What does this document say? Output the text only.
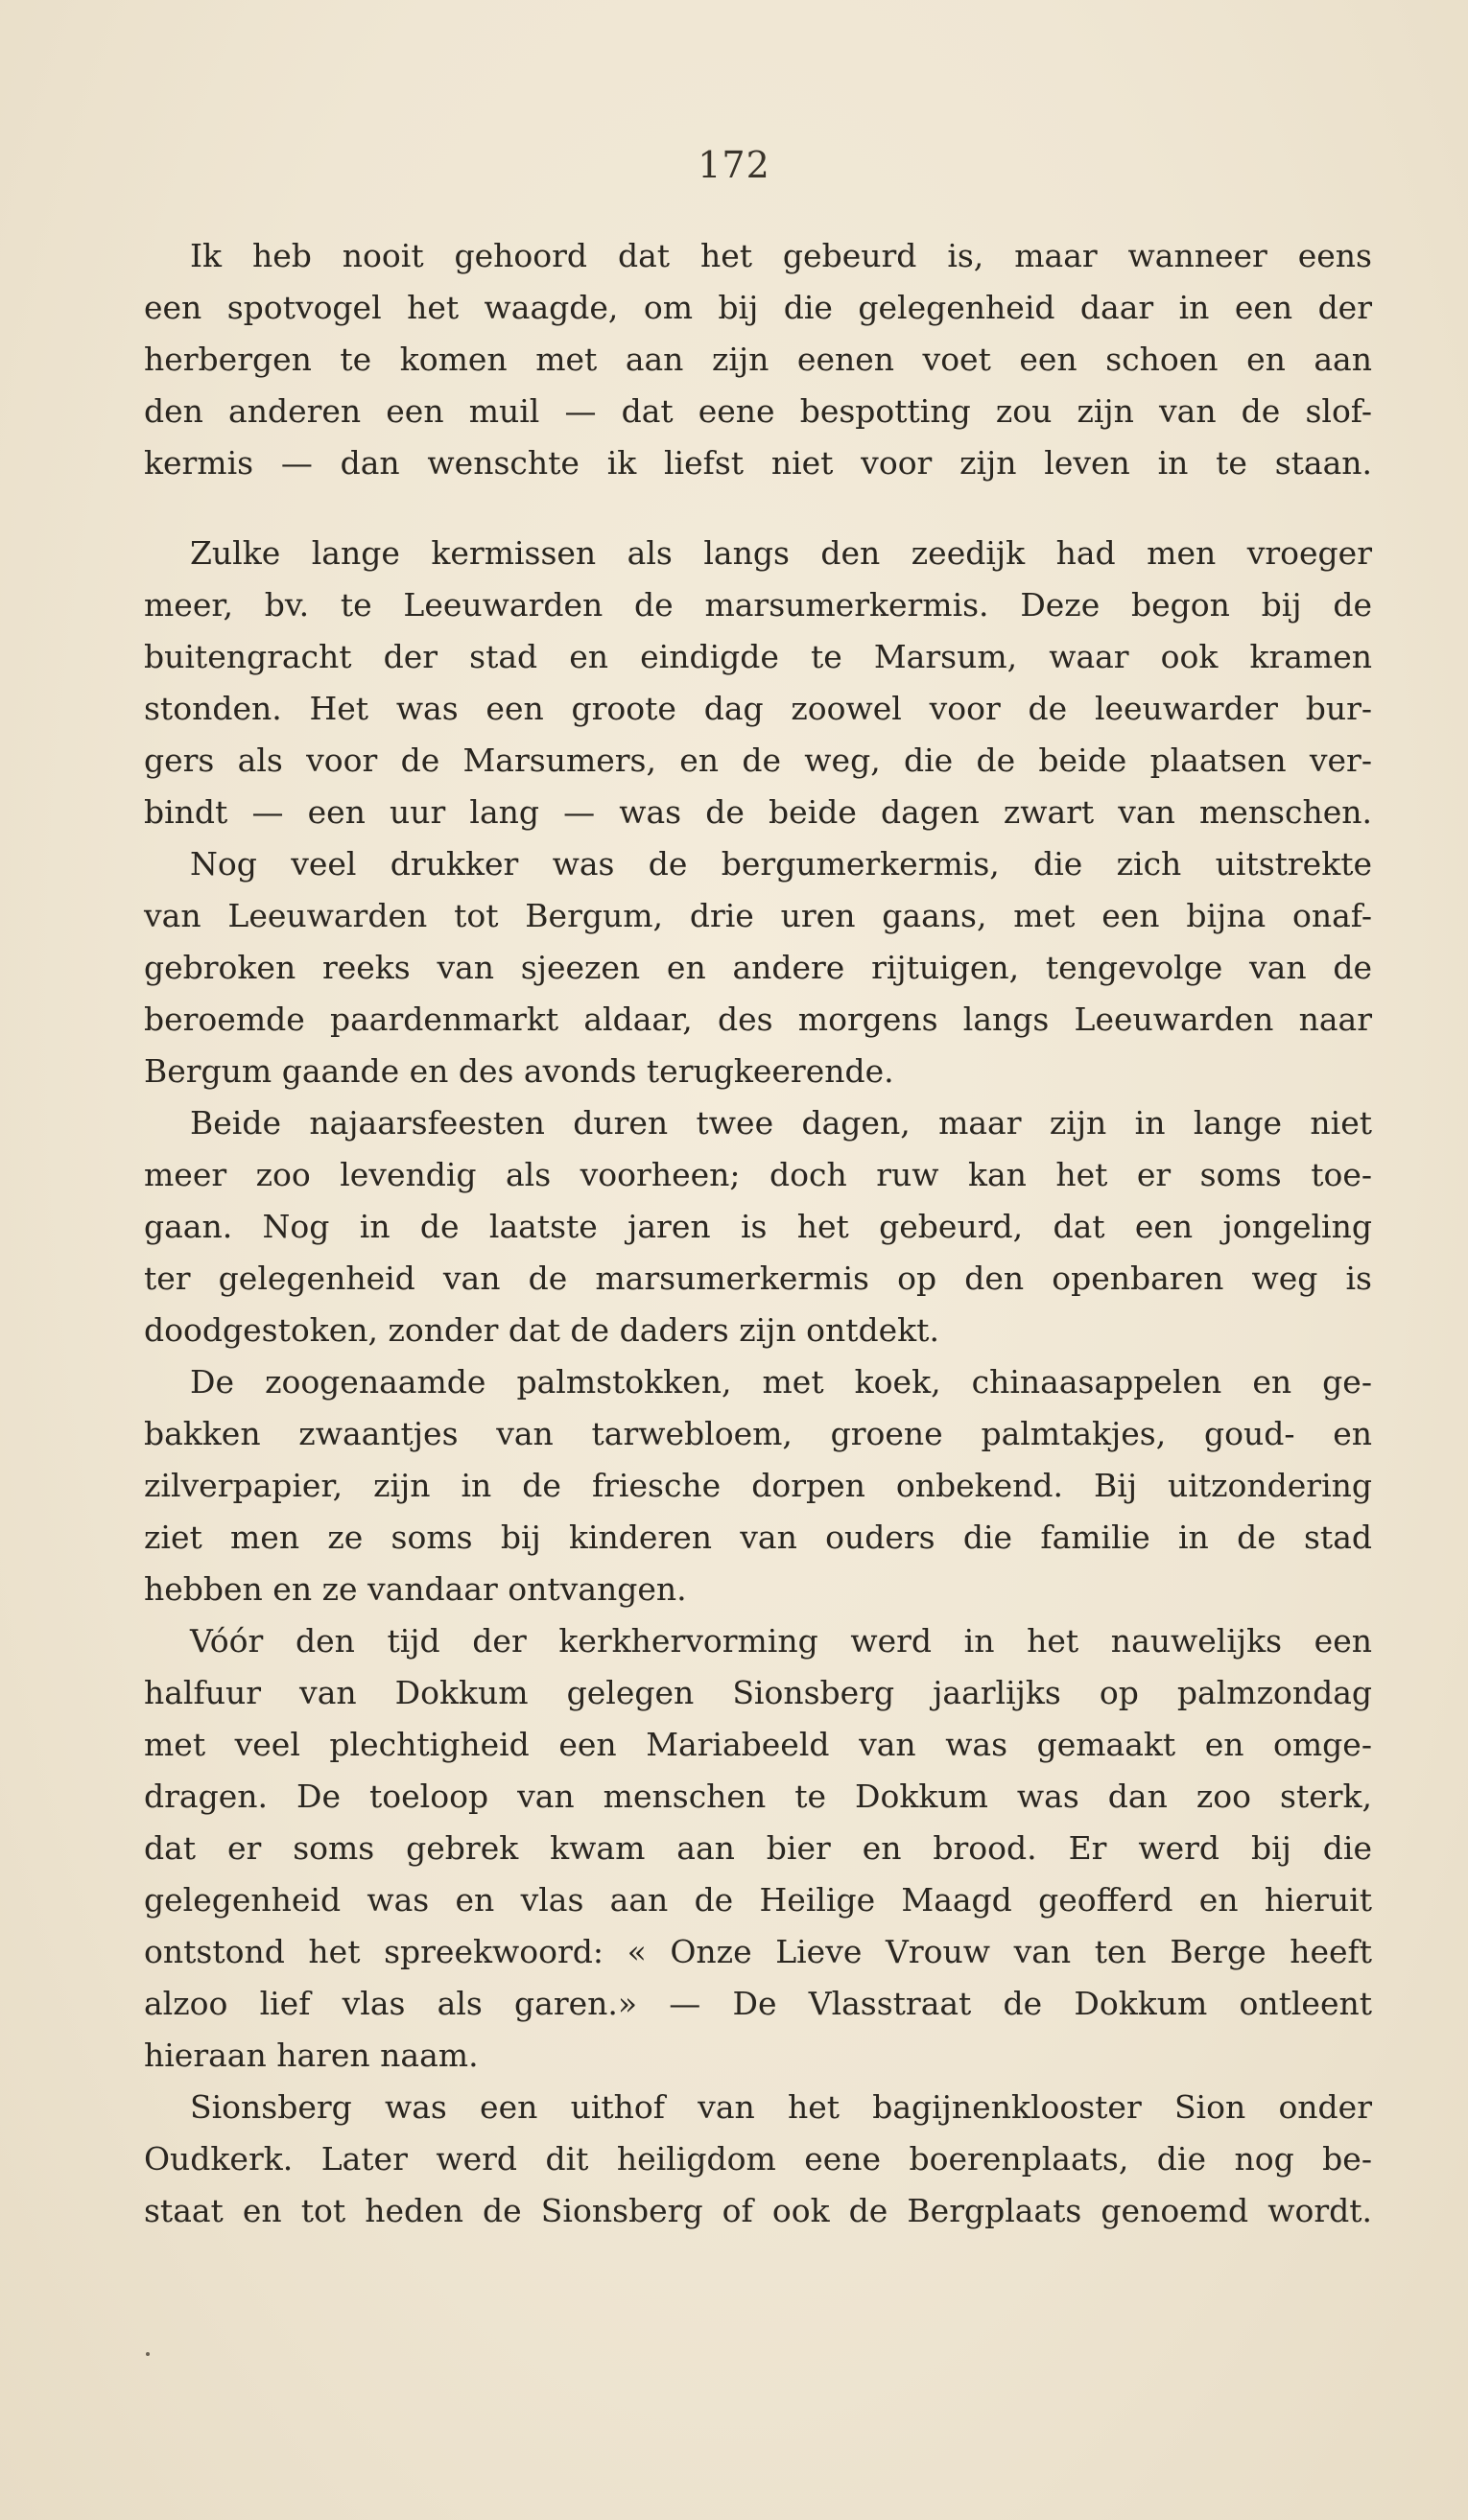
172

Ik heb nooit gehoord dat het gebeurd is, maar wanneer eens
een spotvogel het waagde, om bij die gelegenheid daar in een der
herbergen te komen met aan zijn eenen voet een schoen en aan
den anderen een muil — dat eene bespotting zou zijn van de slof-
kermis — dan wenschte ik liefst niet voor zijn leven in te staan.

Zulke lange kermissen als langs den zeedijk had men vroeger
meer, bv. te Leeuwarden de marsumerkermis. Deze begon bij de
buitengracht der stad en eindigde te Marsum, waar ook kramen
stonden. Het was een groote dag zoowel voor de leeuwarder bur-
gers als voor de Marsumers, en de weg, die de beide plaatsen ver-
bindt — een uur lang — was de beide dagen zwart van menschen.

Nog veel drukker was de bergumerkermis, die zich uitstrekte
van Leeuwarden tot Bergum, drie uren gaans, met een bijna onaf-
gebroken reeks van sjeezen en andere rijtuigen, tengevolge van de
beroemde paardenmarkt aldaar, des morgens langs Leeuwarden naar
Bergum gaande en des avonds terugkeerende.

Beide najaarsfeesten duren twee dagen, maar zijn in lange niet
meer zoo levendig als voorheen; doch ruw kan het er soms toe-
gaan. Nog in de laatste jaren is het gebeurd, dat een jongeling
ter gelegenheid van de marsumerkermis op den openbaren weg is
doodgestoken, zonder dat de daders zijn ontdekt.

De zoogenaamde palmstokken, met koek, chinaasappelen en ge-
bakken zwaantjes van tarwebloem, groene palmtakjes, goud- en
zilverpapier, zijn in de friesche dorpen onbekend. Bij uitzondering
ziet men ze soms bij kinderen van ouders die familie in de stad
hebben en ze vandaar ontvangen.

Vóór den tijd der kerkhervorming werd in het nauwelijks een
halfuur van Dokkum gelegen Sionsberg jaarlijks op palmzondag
met veel plechtigheid een Mariabeeld van was gemaakt en omge-
dragen. De toeloop van menschen te Dokkum was dan zoo sterk,
dat er soms gebrek kwam aan bier en brood. Er werd bij die
gelegenheid was en vlas aan de Heilige Maagd geofferd en hieruit
ontstond het spreekwoord: « Onze Lieve Vrouw van ten Berge heeft
alzoo lief vlas als garen.» — De Vlasstraat de Dokkum ontleent
hieraan haren naam.

Sionsberg was een uithof van het bagijnenklooster Sion onder
Oudkerk. Later werd dit heiligdom eene boerenplaats, die nog be-
staat en tot heden de Sionsberg of ook de Bergplaats genoemd wordt.
